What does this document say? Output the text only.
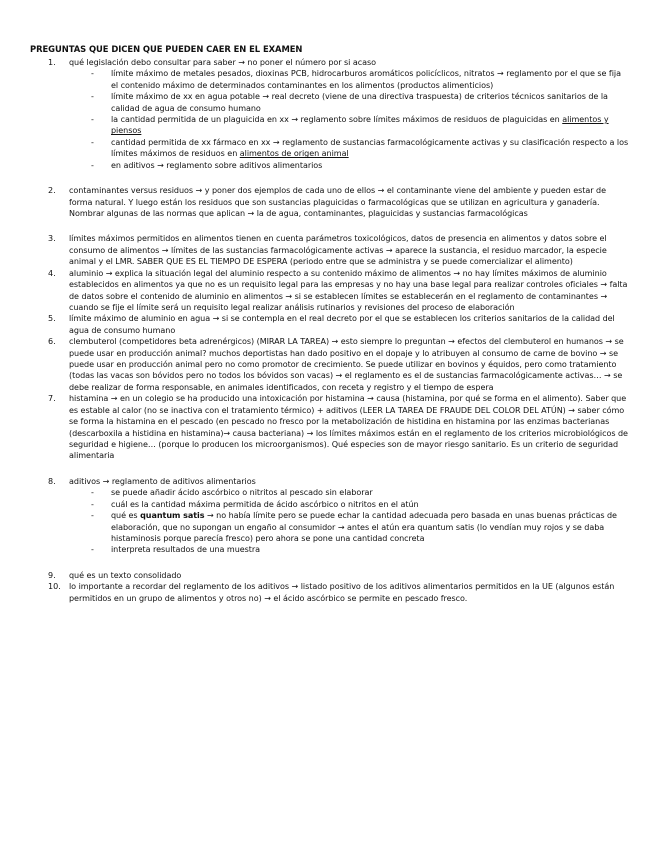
PREGUNTAS QUE DICEN QUE PUEDEN CAER EN EL EXAMEN
1. qué legislación debo consultar para saber → no poner el número por si acaso
- límite máximo de metales pesados, dioxinas PCB, hidrocarburos aromáticos policíclicos, nitratos → reglamento por el que se fija el contenido máximo de determinados contaminantes en los alimentos (productos alimenticios)
- límite máximo de xx en agua potable → real decreto (viene de una directiva traspuesta) de criterios técnicos sanitarios de la calidad de agua de consumo humano
- la cantidad permitida de un plaguicida en xx → reglamento sobre límites máximos de residuos de plaguicidas en alimentos y piensos
- cantidad permitida de xx fármaco en xx → reglamento de sustancias farmacológicamente activas y su clasificación respecto a los límites máximos de residuos en alimentos de origen animal
- en aditivos → reglamento sobre aditivos alimentarios
2. contaminantes versus residuos → y poner dos ejemplos de cada uno de ellos → el contaminante viene del ambiente y pueden estar de forma natural. Y luego están los residuos que son sustancias plaguicidas o farmacológicas que se utilizan en agricultura y ganadería. Nombrar algunas de las normas que aplican → la de agua, contaminantes, plaguicidas y sustancias farmacológicas
3. límites máximos permitidos en alimentos tienen en cuenta parámetros toxicológicos, datos de presencia en alimentos y datos sobre el consumo de alimentos → límites de las sustancias farmacológicamente activas → aparece la sustancia, el residuo marcador, la especie animal y el LMR. SABER QUE ES EL TIEMPO DE ESPERA (periodo entre que se administra y se puede comercializar el alimento)
4. aluminio → explica la situación legal del aluminio respecto a su contenido máximo de alimentos → no hay límites máximos de aluminio establecidos en alimentos ya que no es un requisito legal para las empresas y no hay una base legal para realizar controles oficiales → falta de datos sobre el contenido de aluminio en alimentos → si se establecen límites se establecerán en el reglamento de contaminantes → cuando se fije el límite será un requisito legal realizar análisis rutinarios y revisiones del proceso de elaboración
5. límite máximo de aluminio en agua → si se contempla en el real decreto por el que se establecen los criterios sanitarios de la calidad del agua de consumo humano
6. clembuterol (competidores beta adrenérgicos) (MIRAR LA TAREA) → esto siempre lo preguntan → efectos del clembuterol en humanos → se puede usar en producción animal? muchos deportistas han dado positivo en el dopaje y lo atribuyen al consumo de carne de bovino → se puede usar en producción animal pero no como promotor de crecimiento. Se puede utilizar en bovinos y équidos, pero como tratamiento (todas las vacas son bóvidos pero no todos los bóvidos son vacas) → el reglamento es el de sustancias farmacológicamente activas… → se debe realizar de forma responsable, en animales identificados, con receta y registro y el tiempo de espera
7. histamina → en un colegio se ha producido una intoxicación por histamina → causa (histamina, por qué se forma en el alimento). Saber que es estable al calor (no se inactiva con el tratamiento térmico) + aditivos (LEER LA TAREA DE FRAUDE DEL COLOR DEL ATÚN) → saber cómo se forma la histamina en el pescado (en pescado no fresco por la metabolización de histidina en histamina por las enzimas bacterianas (descarboxila a histidina en histamina)→ causa bacteriana) → los límites máximos están en el reglamento de los criterios microbiológicos de seguridad e higiene… (porque lo producen los microorganismos). Qué especies son de mayor riesgo sanitario. Es un criterio de seguridad alimentaria
8. aditivos → reglamento de aditivos alimentarios
- se puede añadir ácido ascórbico o nitritos al pescado sin elaborar
- cuál es la cantidad máxima permitida de ácido ascórbico o nitritos en el atún
- qué es quantum satis → no había límite pero se puede echar la cantidad adecuada pero basada en unas buenas prácticas de elaboración, que no supongan un engaño al consumidor → antes el atún era quantum satis (lo vendían muy rojos y se daba histaminosis porque parecía fresco) pero ahora se pone una cantidad concreta
- interpreta resultados de una muestra
9. qué es un texto consolidado
10. lo importante a recordar del reglamento de los aditivos → listado positivo de los aditivos alimentarios permitidos en la UE (algunos están permitidos en un grupo de alimentos y otros no) → el ácido ascórbico se permite en pescado fresco.
